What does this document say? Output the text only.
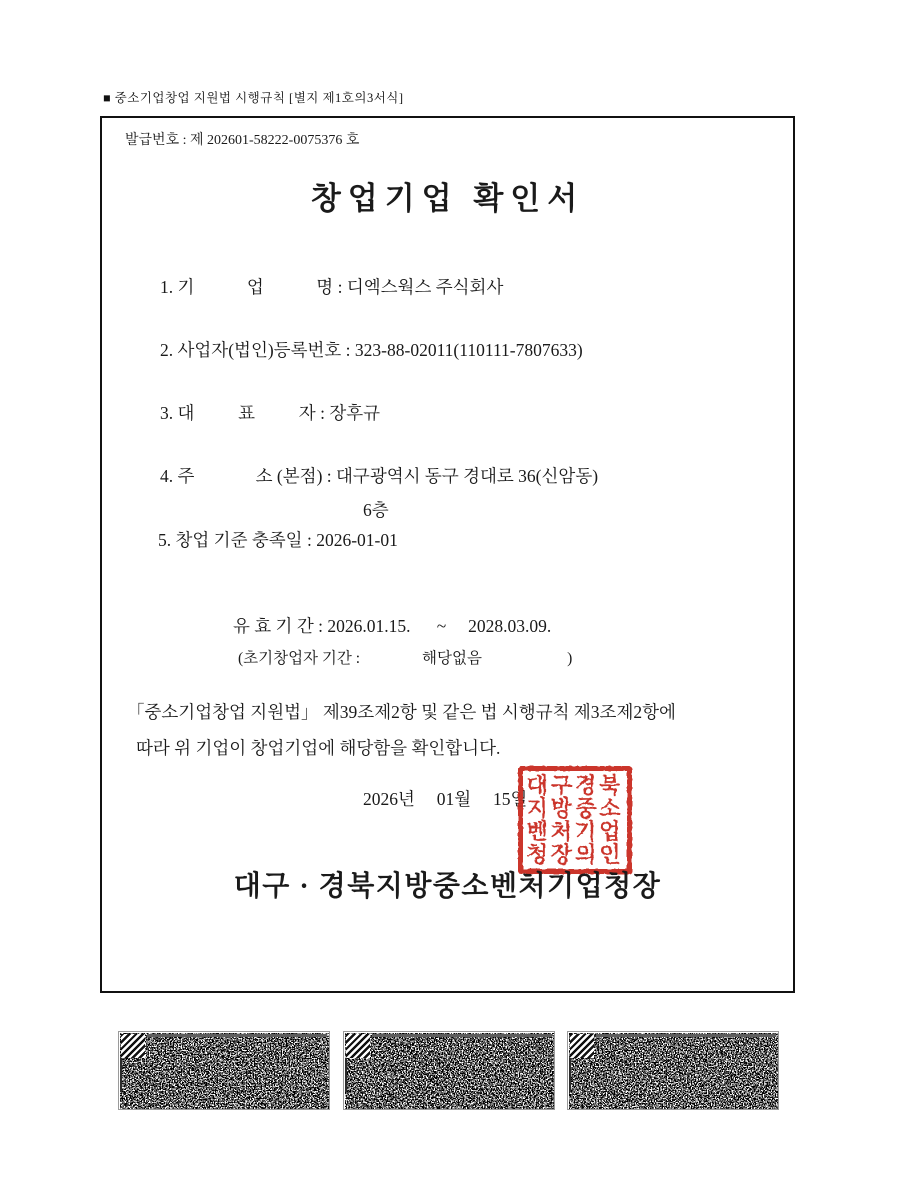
■ 중소기업창업 지원법 시행규칙 [별지 제1호의3서식]
발급번호 : 제 202601-58222-0075376 호
창업기업 확인서
1. 기            업            명 : 디엑스웍스 주식회사
2. 사업자(법인)등록번호 : 323-88-02011(110111-7807633)
3. 대          표          자 : 장후규
4. 주              소 (본점) : 대구광역시 동구 경대로 36(신암동)
6층
5. 창업 기준 충족일 : 2026-01-01
유 효 기 간 : 2026.01.15.      ~     2028.03.09.
(초기창업자 기간 :                해당없음                      )
「중소기업창업 지원법」 제39조제2항 및 같은 법 시행규칙 제3조제2항에
따라 위 기업이 창업기업에 해당함을 확인합니다.
2026년     01월     15일
대구경북
지방중소
벤처기업
청장의인
대구 · 경북지방중소벤처기업청장
